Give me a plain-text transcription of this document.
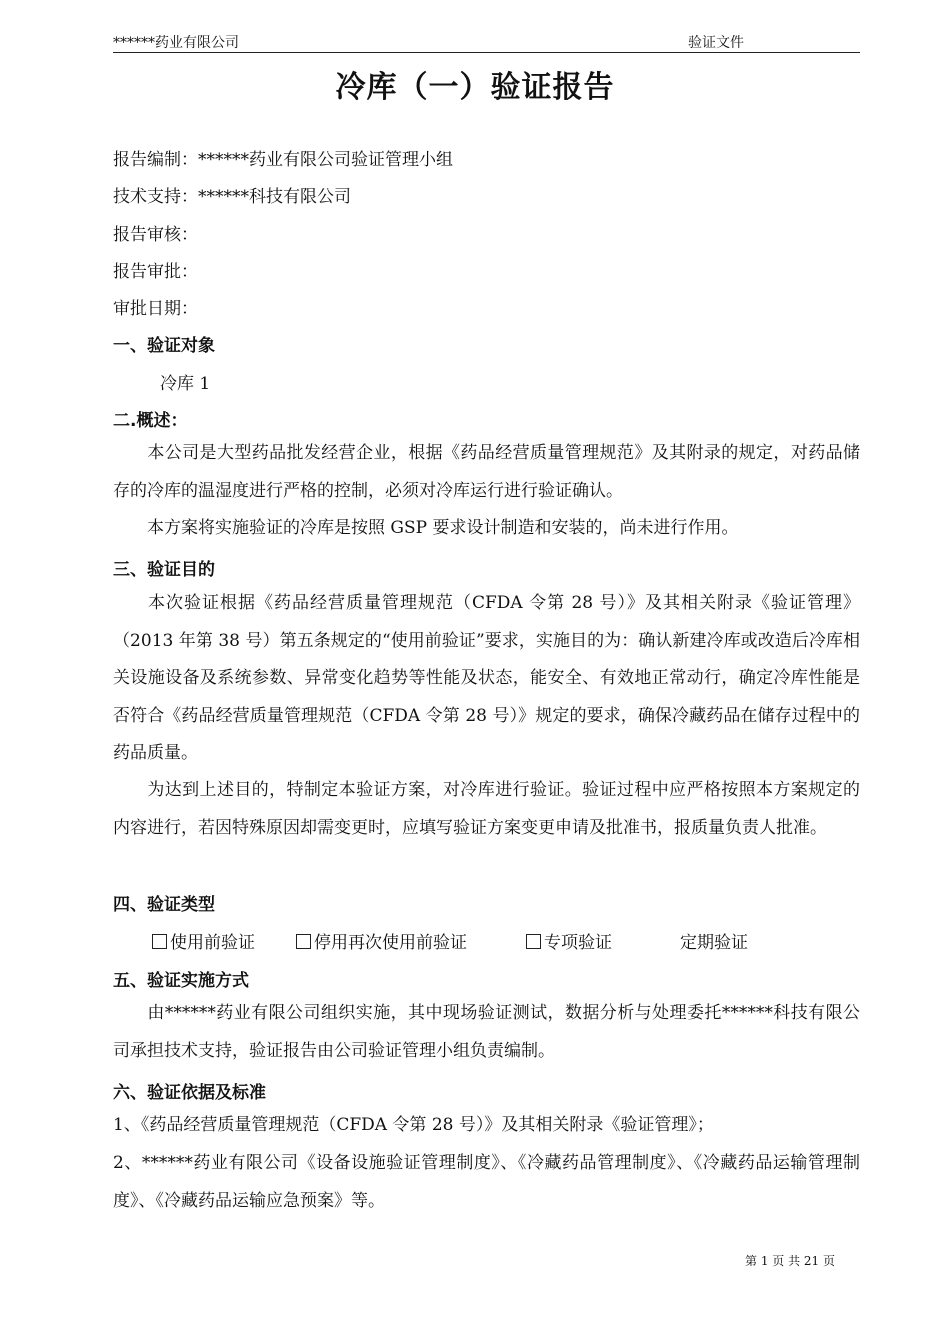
******药业有限公司	验证文件
冷库（一）验证报告
报告编制：******药业有限公司验证管理小组
技术支持：******科技有限公司
报告审核：
报告审批：
审批日期：
一、验证对象
冷库 1
二.概述：
本公司是大型药品批发经营企业，根据《药品经营质量管理规范》及其附录的规定，对药品储存的冷库的温湿度进行严格的控制，必须对冷库运行进行验证确认。
本方案将实施验证的冷库是按照 GSP 要求设计制造和安装的，尚未进行作用。
三、验证目的
本次验证根据《药品经营质量管理规范（CFDA 令第 28 号）》及其相关附录《验证管理》（2013 年第 38 号）第五条规定的“使用前验证”要求，实施目的为：确认新建冷库或改造后冷库相关设施设备及系统参数、异常变化趋势等性能及状态，能安全、有效地正常动行，确定冷库性能是否符合《药品经营质量管理规范（CFDA 令第 28 号）》规定的要求，确保冷藏药品在储存过程中的药品质量。
为达到上述目的，特制定本验证方案，对冷库进行验证。验证过程中应严格按照本方案规定的内容进行，若因特殊原因却需变更时，应填写验证方案变更申请及批准书，报质量负责人批准。
四、验证类型
使用前验证	停用再次使用前验证	专项验证	定期验证
五、验证实施方式
由******药业有限公司组织实施，其中现场验证测试，数据分析与处理委托******科技有限公司承担技术支持，验证报告由公司验证管理小组负责编制。
六、验证依据及标准
1、《药品经营质量管理规范（CFDA 令第 28 号）》及其相关附录《验证管理》；
2、******药业有限公司《设备设施验证管理制度》、《冷藏药品管理制度》、《冷藏药品运输管理制度》、《冷藏药品运输应急预案》等。
第 1 页 共 21 页
